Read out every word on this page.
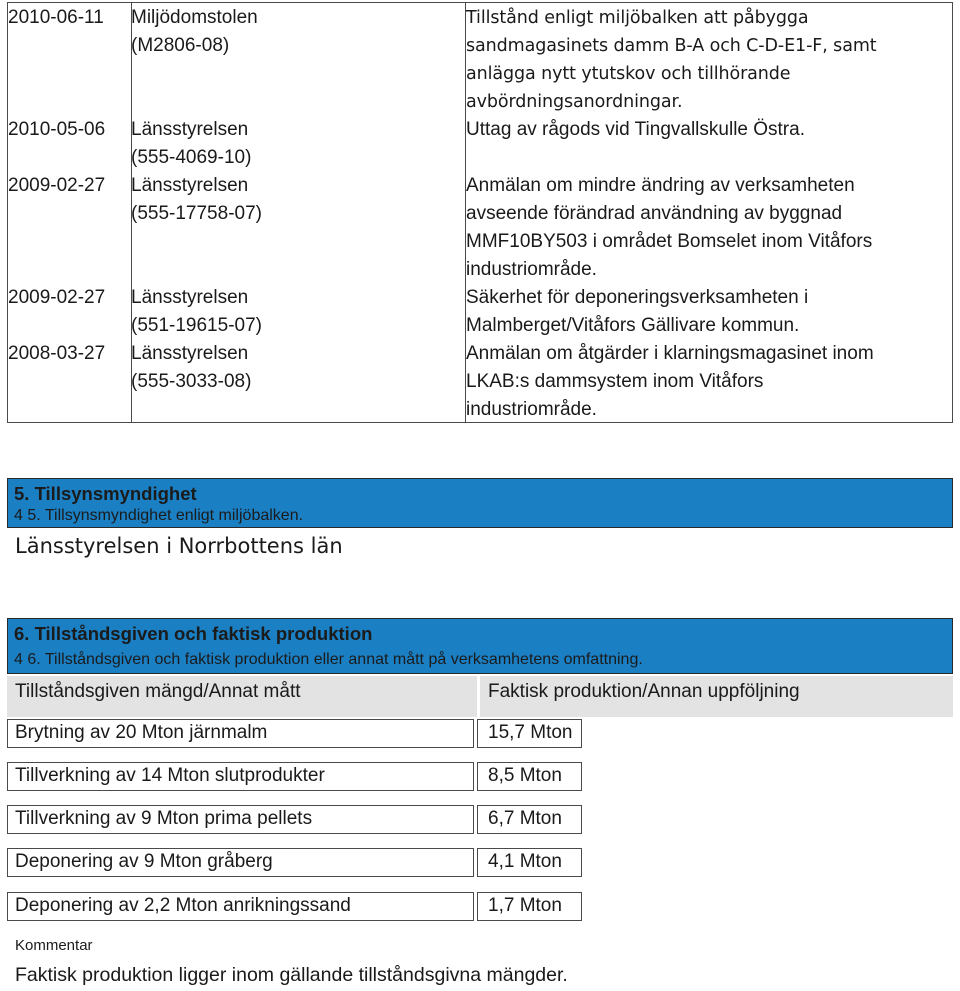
2010-06-11	Miljödomstolen
(M2806-08)
Tillstånd enligt miljöbalken att påbygga
sandmagasinets damm B-A och C-D-E1-F, samt
anlägga nytt ytutskov och tillhörande
avbördningsanordningar.
2010-05-06	Länsstyrelsen
(555-4069-10)
Uttag av rågods vid Tingvallskulle Östra.
2009-02-27	Länsstyrelsen
(555-17758-07)
Anmälan om mindre ändring av verksamheten
avseende förändrad användning av byggnad
MMF10BY503 i området Bomselet inom Vitåfors
industriområde.
2009-02-27	Länsstyrelsen
(551-19615-07)
Säkerhet för deponeringsverksamheten i
Malmberget/Vitåfors Gällivare kommun.
2008-03-27	Länsstyrelsen
(555-3033-08)
Anmälan om åtgärder i klarningsmagasinet inom
LKAB:s dammsystem inom Vitåfors
industriområde.
5. Tillsynsmyndighet
4 5. Tillsynsmyndighet enligt miljöbalken.
Länsstyrelsen i Norrbottens län
6. Tillståndsgiven och faktisk produktion
4 6. Tillståndsgiven och faktisk produktion eller annat mått på verksamhetens omfattning.
Tillståndsgiven mängd/Annat mått	Faktisk produktion/Annan uppföljning
Brytning av 20 Mton järnmalm	15,7 Mton
Tillverkning av 14 Mton slutprodukter	8,5 Mton
Tillverkning av 9 Mton prima pellets	6,7 Mton
Deponering av 9 Mton gråberg	4,1 Mton
Deponering av 2,2 Mton anrikningssand	1,7 Mton
Kommentar
Faktisk produktion ligger inom gällande tillståndsgivna mängder.
